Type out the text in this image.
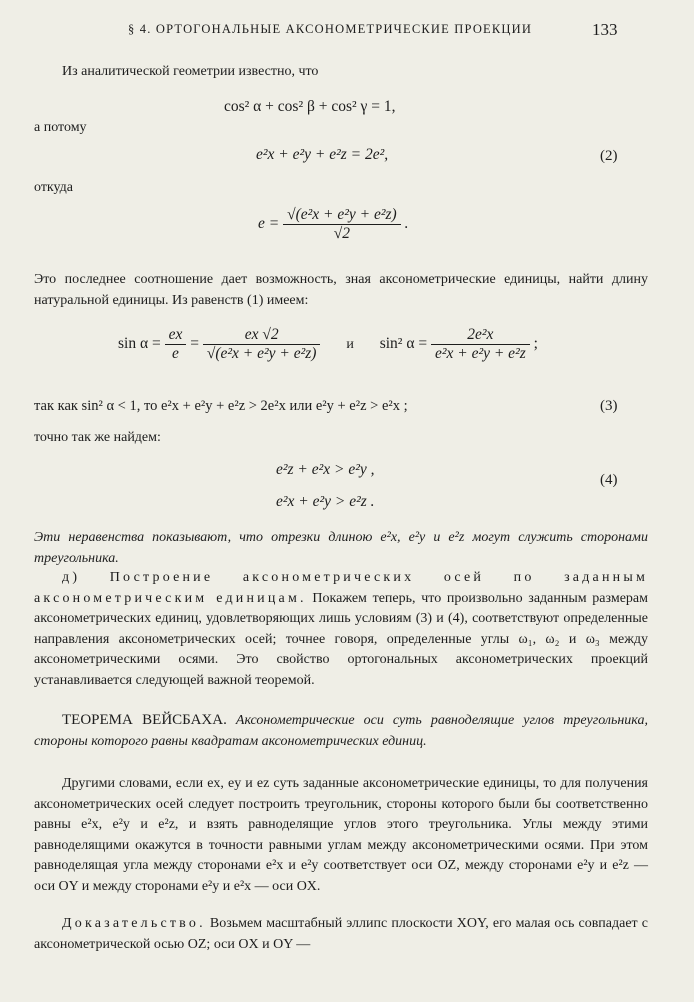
§ 4. ОРТОГОНАЛЬНЫЕ АКСОНОМЕТРИЧЕСКИЕ ПРОЕКЦИИ	133
Из аналитической геометрии известно, что
cos² α + cos² β + cos² γ = 1,
а потому
e²x + e²y + e²z = 2e²,	(2)
откуда
$e = \frac{\text{√(e²x + e²y + e²z)}}{√2}$ .
Это последнее соотношение дает возможность, зная аксонометрические единицы, найти длину натуральной единицы. Из равенств (1) имеем:
$\sin \alpha = \frac{ex}{e} = \frac{ex √2}{\text{√(e²x + e²y + e²z)}}$ и sin² $\alpha = \frac{\text{2e²x}}{\text{e²x + e²y + e²z}}$ ;
так как sin² α < 1, то e²x + e²y + e²z > 2e²x или e²y + e²z > e²x ;	(3)
точно так же найдем:
e²z + e²x > e²y ,
e²x + e²y > e²z .
(4)
Эти неравенства показывают, что отрезки длиною e²x, e²y и e²z могут служить сторонами треугольника.
д) Построение аксонометрических осей по заданным аксонометрическим единицам. Покажем теперь, что произвольно заданным размерам аксонометрических единиц, удовлетворяющих лишь условиям (3) и (4), соответствуют определенные направления аксонометрических осей; точнее говоря, определенные углы ω₁, ω₂ и ω₃ между аксонометрическими осями. Это свойство ортогональных аксонометрических проекций устанавливается следующей важной теоремой.
ТЕОРЕМА ВЕЙСБАХА. Аксонометрические оси суть равноделящие углов треугольника, стороны которого равны квадратам аксонометрических единиц.
Другими словами, если ex, ey и ez суть заданные аксонометрические единицы, то для получения аксонометрических осей следует построить треугольник, стороны которого были бы соответственно равны e²x, e²y и e²z, и взять равноделящие углов этого треугольника. Углы между этими равноделящими окажутся в точности равными углам между аксонометрическими осями. При этом равноделящая угла между сторонами e²x и e²y соответствует оси OZ, между сторонами e²y и e²z — оси OY и между сторонами e²y и e²x — оси OX.
Доказательство. Возьмем масштабный эллипс плоскости XOY, его малая ось совпадает с аксонометрической осью OZ; оси OX и OY —
